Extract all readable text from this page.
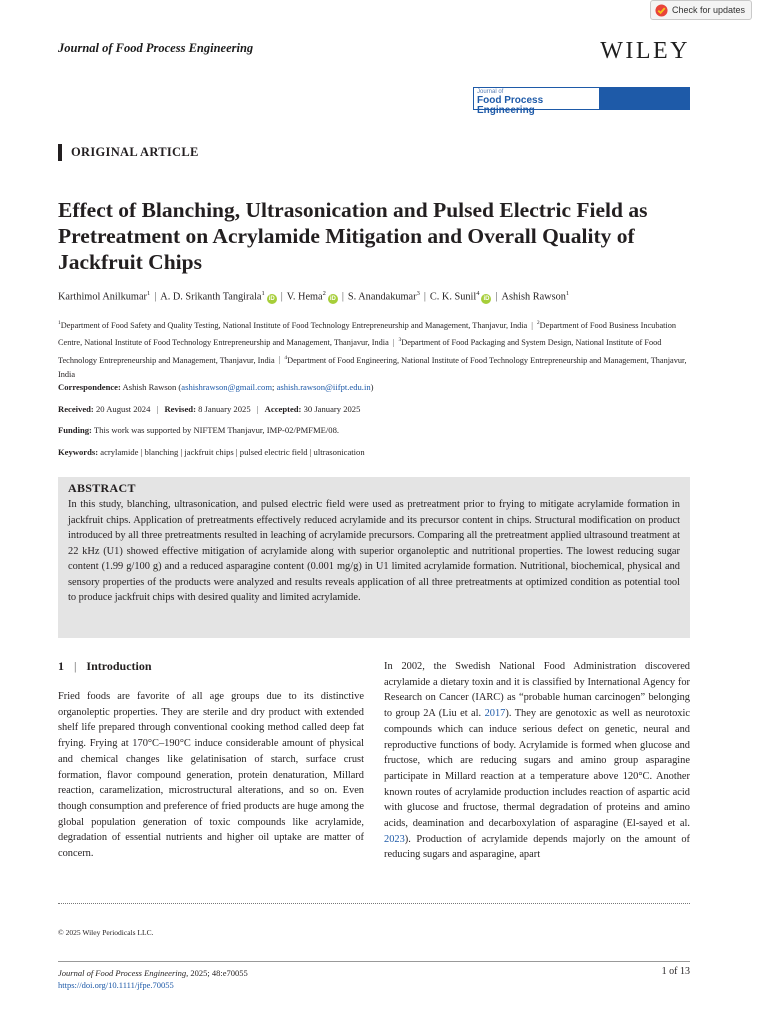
Check for updates
Journal of Food Process Engineering	WILEY
Journal of
Food Process Engineering
ORIGINAL ARTICLE
Effect of Blanching, Ultrasonication and Pulsed Electric Field as Pretreatment on Acrylamide Mitigation and Overall Quality of Jackfruit Chips
Karthimol Anilkumar$^1$ | A. D. Srikanth Tangirala$^1$iD | V. Hema$^2$iD | S. Anandakumar$^3$ | C. K. Sunil$^4$iD | Ashish Rawson$^1$
$^1$Department of Food Safety and Quality Testing, National Institute of Food Technology Entrepreneurship and Management, Thanjavur, India | $^2$Department of Food Business Incubation Centre, National Institute of Food Technology Entrepreneurship and Management, Thanjavur, India | $^3$Department of Food Packaging and System Design, National Institute of Food Technology Entrepreneurship and Management, Thanjavur, India | $^4$Department of Food Engineering, National Institute of Food Technology Entrepreneurship and Management, Thanjavur, India
Correspondence: Ashish Rawson (ashishrawson@gmail.com; ashish.rawson@iifpt.edu.in)
Received: 20 August 2024 | Revised: 8 January 2025 | Accepted: 30 January 2025
Funding: This work was supported by NIFTEM Thanjavur, IMP-02/PMFME/08.
Keywords: acrylamide | blanching | jackfruit chips | pulsed electric field | ultrasonication
ABSTRACT

In this study, blanching, ultrasonication, and pulsed electric field were used as pretreatment prior to frying to mitigate acrylamide formation in jackfruit chips. Application of pretreatments effectively reduced acrylamide and its precursor content in chips. Structural modification on product introduced by all three pretreatments resulted in leaching of acrylamide precursors. Comparing all the pretreatment applied ultrasound treatment at 22 kHz (U1) showed effective mitigation of acrylamide along with superior organoleptic and nutritional properties. The lowest reducing sugar content (1.99 g/100 g) and a reduced asparagine content (0.001 mg/g) in U1 limited acrylamide formation. Nutritional, biochemical, physical and sensory properties of the products were analyzed and results reveals application of all three pretreatments at optimized condition as potential tool to produce jackfruit chips with desired quality and limited acrylamide.

1 | Introduction

Fried foods are favorite of all age groups due to its distinctive organoleptic properties. They are sterile and dry product with extended shelf life prepared through conventional cooking method called deep fat frying. Frying at 170°C–190°C induce considerable amount of physical and chemical changes like gelatinisation of starch, surface crust formation, flavor compound generation, protein denaturation, Millard reaction, caramelization, microstructural alterations, and so on. Even though consumption and preference of fried products are huge among the global population generation of toxic compounds like acrylamide, degradation of essential nutrients and higher oil uptake are matter of concern.

In 2002, the Swedish National Food Administration discovered acrylamide a dietary toxin and it is classified by International Agency for Research on Cancer (IARC) as “probable human carcinogen” belonging to group 2A (Liu et al. 2017). They are genotoxic as well as neurotoxic compounds which can induce serious defect on genetic, neural and reproductive functions of body. Acrylamide is formed when glucose and fructose, which are reducing sugars and amino group asparagine participate in Millard reaction at a temperature above 120°C. Another known routes of acrylamide production includes reaction of aspartic acid with glucose and fructose, thermal degradation of proteins and amino acids, deamination and decarboxylation of asparagine (El-sayed et al. 2023). Production of acrylamide depends majorly on the amount of reducing sugars and asparagine, apart

© 2025 Wiley Periodicals LLC.
Journal of Food Process Engineering, 2025; 48:e70055
https://doi.org/10.1111/jfpe.70055
1 of 13
